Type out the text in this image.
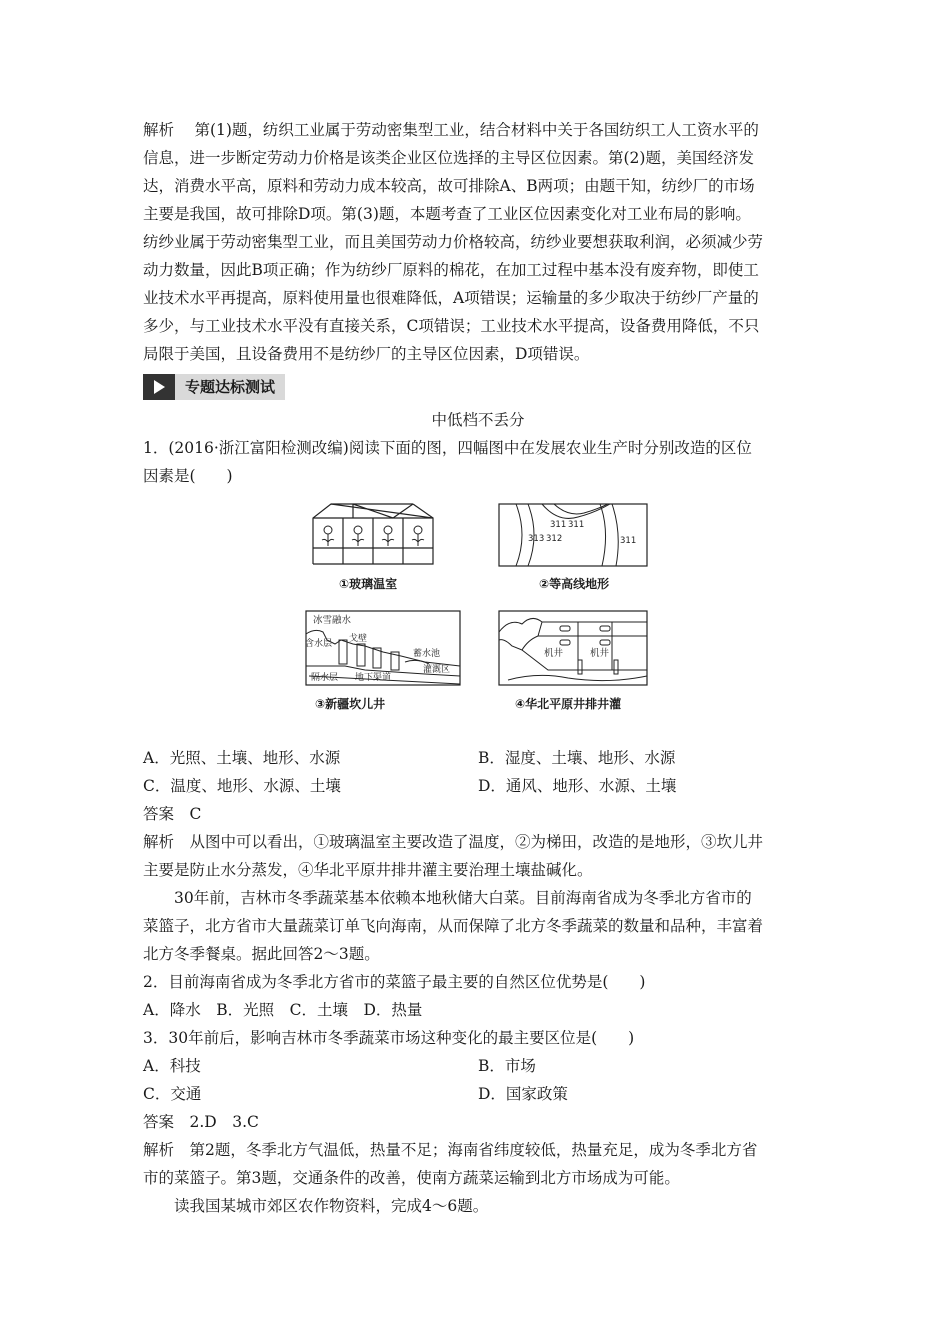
解析　 第(1)题，纺织工业属于劳动密集型工业，结合材料中关于各国纺织工人工资水平的

信息，进一步断定劳动力价格是该类企业区位选择的主导区位因素。第(2)题，美国经济发

达，消费水平高，原料和劳动力成本较高，故可排除A、B两项；由题干知，纺纱厂的市场

主要是我国，故可排除D项。第(3)题，本题考查了工业区位因素变化对工业布局的影响。

纺纱业属于劳动密集型工业，而且美国劳动力价格较高，纺纱业要想获取利润，必须减少劳

动力数量，因此B项正确；作为纺纱厂原料的棉花，在加工过程中基本没有废弃物，即使工

业技术水平再提高，原料使用量也很难降低，A项错误；运输量的多少取决于纺纱厂产量的

多少，与工业技术水平没有直接关系，C项错误；工业技术水平提高，设备费用降低，不只

局限于美国，且设备费用不是纺纱厂的主导区位因素，D项错误。

专题达标测试

中低档不丢分

1．(2016·浙江富阳检测改编)阅读下面的图，四幅图中在发展农业生产时分别改造的区位

因素是(　　)

①玻璃温室
311 311
313 312	311
②等高线地形
冰雪融水
戈壁
含水层
蓄水池
灌溉区
隔水层 地下渠道
③新疆坎儿井
机井	机井
④华北平原井排井灌
A．光照、土壤、地形、水源	B．湿度、土壤、地形、水源
C．温度、地形、水源、土壤	D．通风、地形、水源、土壤

答案　C

解析　从图中可以看出，①玻璃温室主要改造了温度，②为梯田，改造的是地形，③坎儿井

主要是防止水分蒸发，④华北平原井排井灌主要治理土壤盐碱化。

30年前，吉林市冬季蔬菜基本依赖本地秋储大白菜。目前海南省成为冬季北方省市的

菜篮子，北方省市大量蔬菜订单飞向海南，从而保障了北方冬季蔬菜的数量和品种，丰富着

北方冬季餐桌。据此回答2～3题。

2．目前海南省成为冬季北方省市的菜篮子最主要的自然区位优势是(　　)

A．降水　B．光照　C．土壤　D．热量

3．30年前后，影响吉林市冬季蔬菜市场这种变化的最主要区位是(　　)

A．科技	B．市场
C．交通	D．国家政策

答案　2.D　3.C

解析　第2题，冬季北方气温低，热量不足；海南省纬度较低，热量充足，成为冬季北方省

市的菜篮子。第3题，交通条件的改善，使南方蔬菜运输到北方市场成为可能。

读我国某城市郊区农作物资料，完成4～6题。
